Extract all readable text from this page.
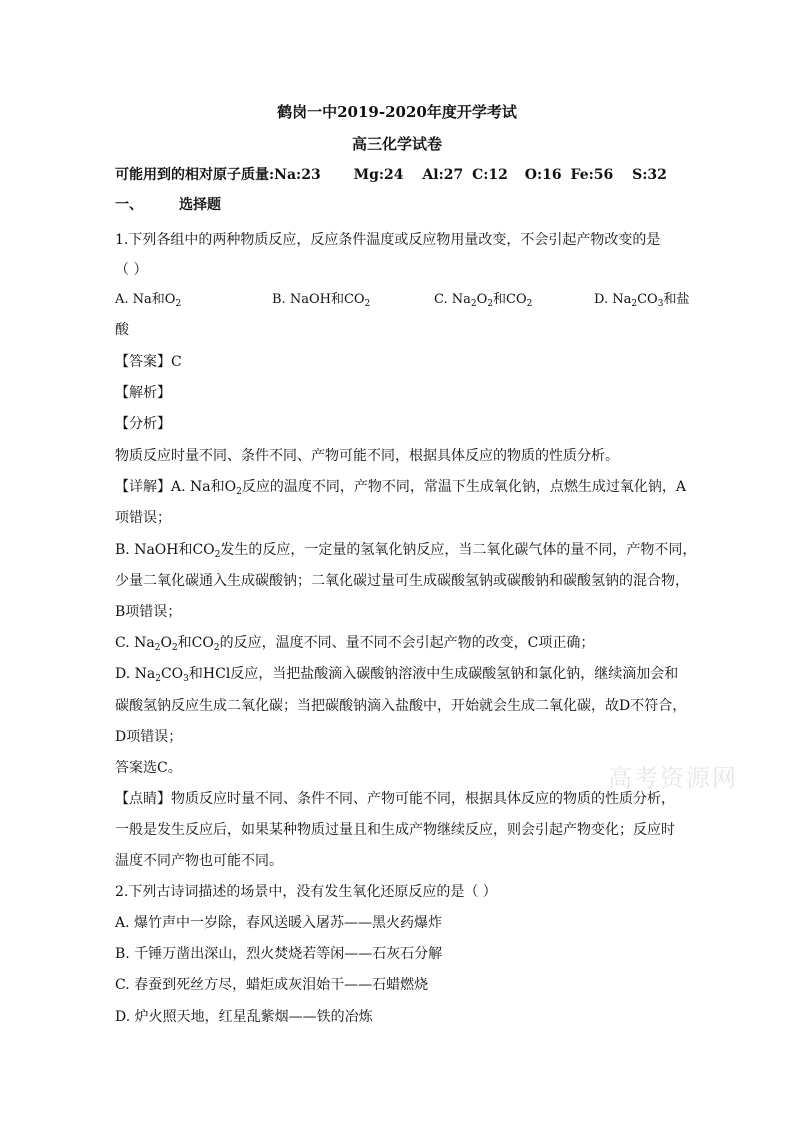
鹤岗一中2019-2020年度开学考试
高三化学试卷
可能用到的相对原子质量:Na:23 Mg:24 Al:27 C:12 O:16 Fe:56 S:32
一、	选择题
1.下列各组中的两种物质反应，反应条件温度或反应物用量改变，不会引起产物改变的是
（ ）
A. Na和$O_2$	B. NaOH和$CO_2$	C. $Na_2O_2$和$CO_2$	D. $Na_2CO_3$和盐
酸
【答案】C
【解析】
【分析】
物质反应时量不同、条件不同、产物可能不同，根据具体反应的物质的性质分析。
【详解】A. Na和$O_2$反应的温度不同，产物不同，常温下生成氧化钠，点燃生成过氧化钠，A
项错误；
B. NaOH和$CO_2$发生的反应，一定量的氢氧化钠反应，当二氧化碳气体的量不同，产物不同，
少量二氧化碳通入生成碳酸钠；二氧化碳过量可生成碳酸氢钠或碳酸钠和碳酸氢钠的混合物，
B项错误；
C. $Na_2O_2$和$CO_2$的反应，温度不同、量不同不会引起产物的改变，C项正确；
D. $Na_2CO_3$和HCl反应，当把盐酸滴入碳酸钠溶液中生成碳酸氢钠和氯化钠，继续滴加会和
碳酸氢钠反应生成二氧化碳；当把碳酸钠滴入盐酸中，开始就会生成二氧化碳，故D不符合，
D项错误；
答案选C。
【点睛】物质反应时量不同、条件不同、产物可能不同，根据具体反应的物质的性质分析，
一般是发生反应后，如果某种物质过量且和生成产物继续反应，则会引起产物变化；反应时
温度不同产物也可能不同。
2.下列古诗词描述的场景中，没有发生氧化还原反应的是（ ）
A. 爆竹声中一岁除，春风送暖入屠苏——黑火药爆炸
B. 千锤万凿出深山，烈火焚烧若等闲——石灰石分解
C. 春蚕到死丝方尽，蜡炬成灰泪始干——石蜡燃烧
D. 炉火照天地，红星乱紫烟——铁的冶炼
高考资源网
